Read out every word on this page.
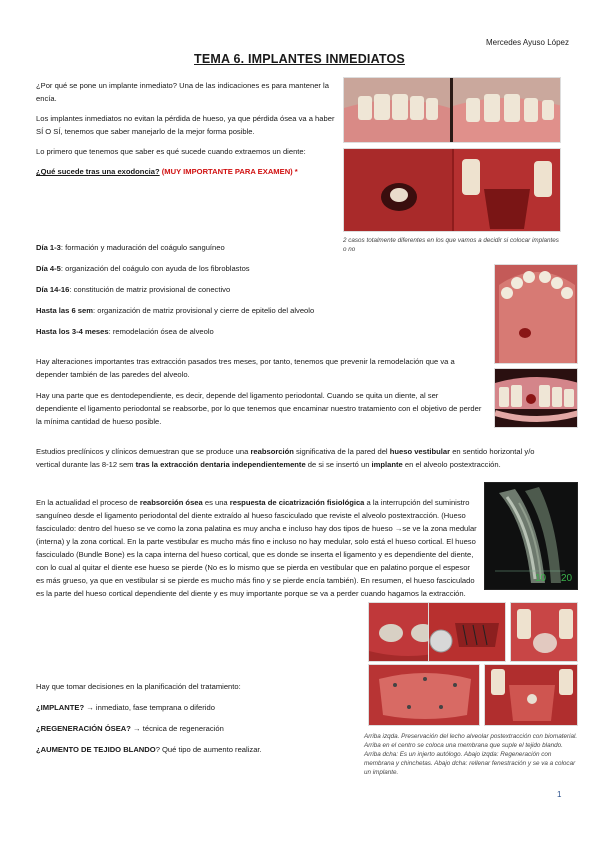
Mercedes Ayuso López
TEMA 6. IMPLANTES INMEDIATOS

¿Por qué se pone un implante inmediato? Una de las indicaciones es para mantener la encía.

Los implantes inmediatos no evitan la pérdida de hueso, ya que pérdida ósea va a haber SÍ O SÍ, tenemos que saber manejarlo de la mejor forma posible.

Lo primero que tenemos que saber es qué sucede cuando extraemos un diente:

¿Qué sucede tras una exodoncia? (MUY IMPORTANTE PARA EXAMEN) *

Día 1-3: formación y maduración del coágulo sanguíneo

Día 4-5: organización del coágulo con ayuda de los fibroblastos

Día 14-16: constitución de matriz provisional de conectivo

Hasta las 6 sem: organización de matriz provisional y cierre de epitelio del alveolo

Hasta los 3-4 meses: remodelación ósea de alveolo

Hay alteraciones importantes tras extracción pasados tres meses, por tanto, tenemos que prevenir la remodelación que va a depender también de las paredes del alveolo.

Hay una parte que es dentodependiente, es decir, depende del ligamento periodontal. Cuando se quita un diente, al ser dependiente el ligamento periodontal se reabsorbe, por lo que tenemos que encaminar nuestro tratamiento con el objetivo de perder la mínima cantidad de hueso posible.

Estudios preclínicos y clínicos demuestran que se produce una reabsorción significativa de la pared del hueso vestibular en sentido horizontal y/o vertical durante las 8-12 sem tras la extracción dentaria independientemente de si se insertó un implante en el alveolo postextracción.

En la actualidad el proceso de reabsorción ósea es una respuesta de cicatrización fisiológica a la interrupción del suministro sanguíneo desde el ligamento periodontal del diente extraído al hueso fasciculado que reviste el alveolo postextracción. (Hueso fasciculado: dentro del hueso se ve como la zona palatina es muy ancha e incluso hay dos tipos de hueso →se ve la zona medular (interna) y la zona cortical. En la parte vestibular es mucho más fino e incluso no hay medular, solo está el hueso cortical. El hueso fasciculado (Bundle Bone) es la capa interna del hueso cortical, que es donde se inserta el ligamento y es dependiente del diente, con lo cual al quitar el diente ese hueso se pierde (No es lo mismo que se pierda en vestibular que en palatino porque el espesor es más grueso, ya que en vestibular si se pierde es mucho más fino y se pierde encía también). En resumen, el hueso fasciculado es la parte del hueso cortical dependiente del diente y es muy importante porque se va a perder cuando hagamos la extracción.

Hay que tomar decisiones en la planificación del tratamiento:

¿IMPLANTE? → inmediato, fase temprana o diferido

¿REGENERACIÓN ÓSEA? → técnica de regeneración

¿AUMENTO DE TEJIDO BLANDO? Qué tipo de aumento realizar.

2 casos totalmente diferentes en los que vamos a decidir si colocar implantes o no
10 20
Arriba izqda. Preservación del lecho alveolar postextracción con biomaterial. Arriba en el centro se coloca una membrana que suple el tejido blando. Arriba dcha: Es un injerto autólogo. Abajo izqda: Regeneración con membrana y chinchetas. Abajo dcha: rellenar fenestración y se va a colocar un implante.
1
